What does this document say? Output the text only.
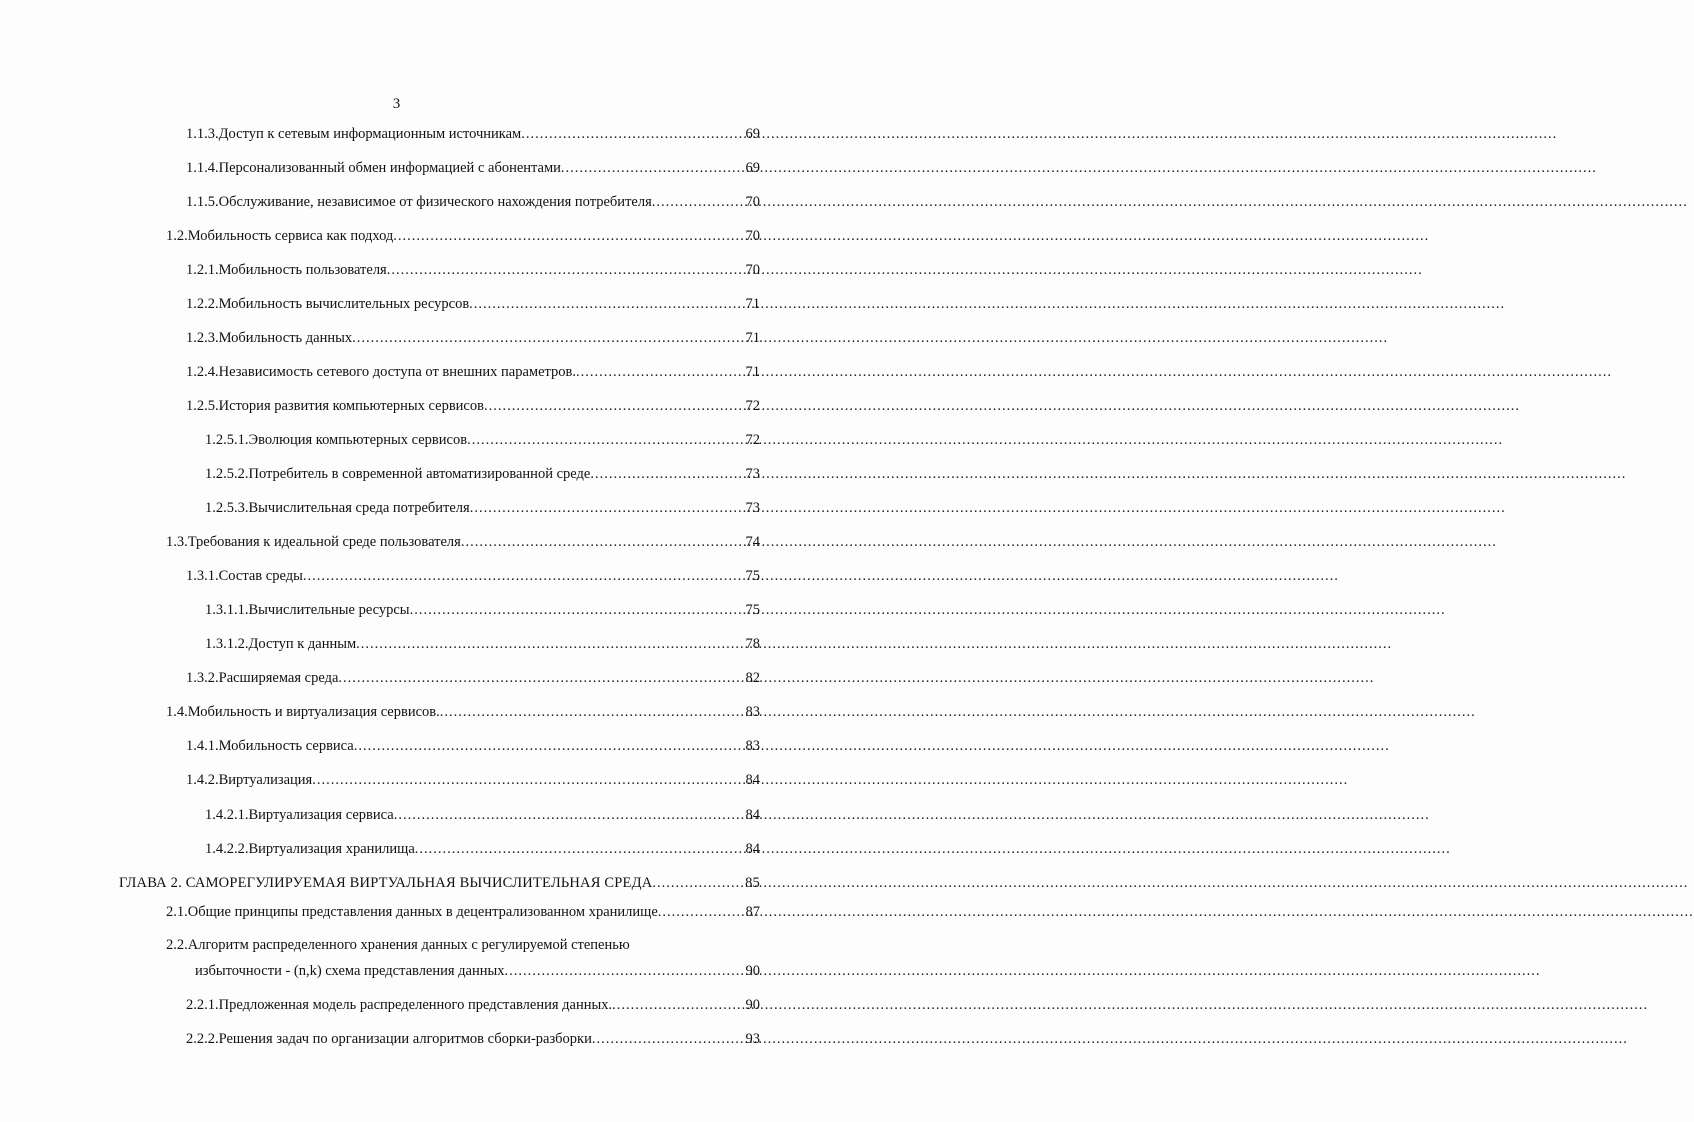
3
1.1.3.Доступ к сетевым информационным источникам .....	69
1.1.4.Персонализованный обмен информацией с абонентами .....	69
1.1.5.Обслуживание, независимое от физического нахождения потребителя .....	70
1.2.Мобильность сервиса как подход .....	70
1.2.1.Мобильность пользователя .....	70
1.2.2.Мобильность вычислительных ресурсов .....	71
1.2.3.Мобильность данных .....	71
1.2.4.Независимость сетевого доступа от внешних параметров. .....	71
1.2.5.История развития компьютерных сервисов .....	72
1.2.5.1.Эволюция компьютерных сервисов .....	72
1.2.5.2.Потребитель в современной автоматизированной среде .....	73
1.2.5.3.Вычислительная среда потребителя .....	73
1.3.Требования к идеальной среде пользователя .....	74
1.3.1.Состав среды .....	75
1.3.1.1.Вычислительные ресурсы .....	75
1.3.1.2.Доступ к данным .....	78
1.3.2.Расширяемая среда .....	82
1.4.Мобильность и виртуализация сервисов. .....	83
1.4.1.Мобильность сервиса .....	83
1.4.2.Виртуализация .....	84
1.4.2.1.Виртуализация сервиса .....	84
1.4.2.2.Виртуализация хранилища .....	84
ГЛАВА 2. САМОРЕГУЛИРУЕМАЯ ВИРТУАЛЬНАЯ ВЫЧИСЛИТЕЛЬНАЯ СРЕДА .....	85
2.1.Общие принципы представления данных в децентрализованном хранилище .....	87
2.2.Алгоритм распределенного хранения данных с регулируемой степенью
избыточности - (n,k) схема представления данных .....	90
2.2.1.Предложенная модель распределенного представления данных. .....	90
2.2.2.Решения задач по организации алгоритмов сборки-разборки .....	93
